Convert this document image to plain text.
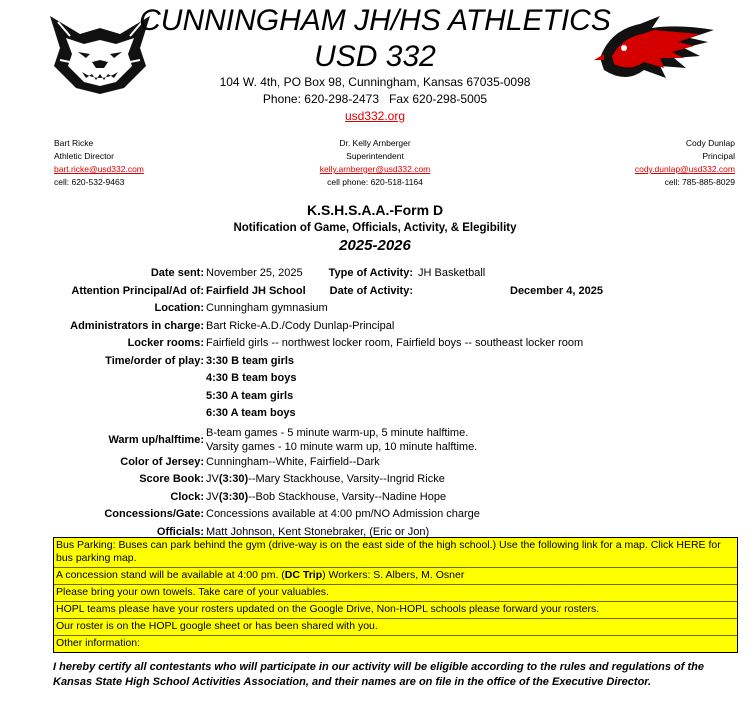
CUNNINGHAM JH/HS ATHLETICS
USD 332
104 W. 4th, PO Box 98, Cunningham, Kansas 67035-0098
Phone: 620-298-2473 Fax 620-298-5005
usd332.org
Bart Ricke
Athletic Director
bart.ricke@usd332.com
cell: 620-532-9463
Dr. Kelly Arnberger
Superintendent
kelly.arnberger@usd332.com
cell phone: 620-518-1164
Cody Dunlap
Principal
cody.dunlap@usd332.com
cell: 785-885-8029
K.S.H.S.A.A.-Form D
Notification of Game, Officials, Activity, & Elegibility
2025-2026
Date sent: November 25, 2025 Type of Activity: JH Basketball
Attention Principal/Ad of: Fairfield JH School Date of Activity:	December 4, 2025
Location: Cunningham gymnasium
Administrators in charge: Bart Ricke-A.D./Cody Dunlap-Principal
Locker rooms: Fairfield girls -- northwest locker room, Fairfield boys -- southeast locker room
Time/order of play: 3:30 B team girls
4:30 B team boys
5:30 A team girls
6:30 A team boys
Warm up/halftime:
B-team games - 5 minute warm-up, 5 minute halftime.
Varsity games - 10 minute warm up, 10 minute halftime.
Color of Jersey: Cunningham--White, Fairfield--Dark
Score Book: JV(3:30)--Mary Stackhouse, Varsity--Ingrid Ricke
Clock: JV(3:30)--Bob Stackhouse, Varsity--Nadine Hope
Concessions/Gate: Concessions available at 4:00 pm/NO Admission charge
Officials: Matt Johnson, Kent Stonebraker, (Eric or Jon)
Bus Parking: Buses can park behind the gym (drive-way is on the east side of the high school.) Use the following link for a map. Click HERE for bus parking map.
A concession stand will be available at 4:00 pm. (DC Trip) Workers: S. Albers, M. Osner
Please bring your own towels. Take care of your valuables.
HOPL teams please have your rosters updated on the Google Drive, Non-HOPL schools please forward your rosters.
Our roster is on the HOPL google sheet or has been shared with you.
Other information:
I hereby certify all contestants who will participate in our activity will be eligible according to the rules and regulations of the Kansas State High School Activities Association, and their names are on file in the office of the Executive Director.
